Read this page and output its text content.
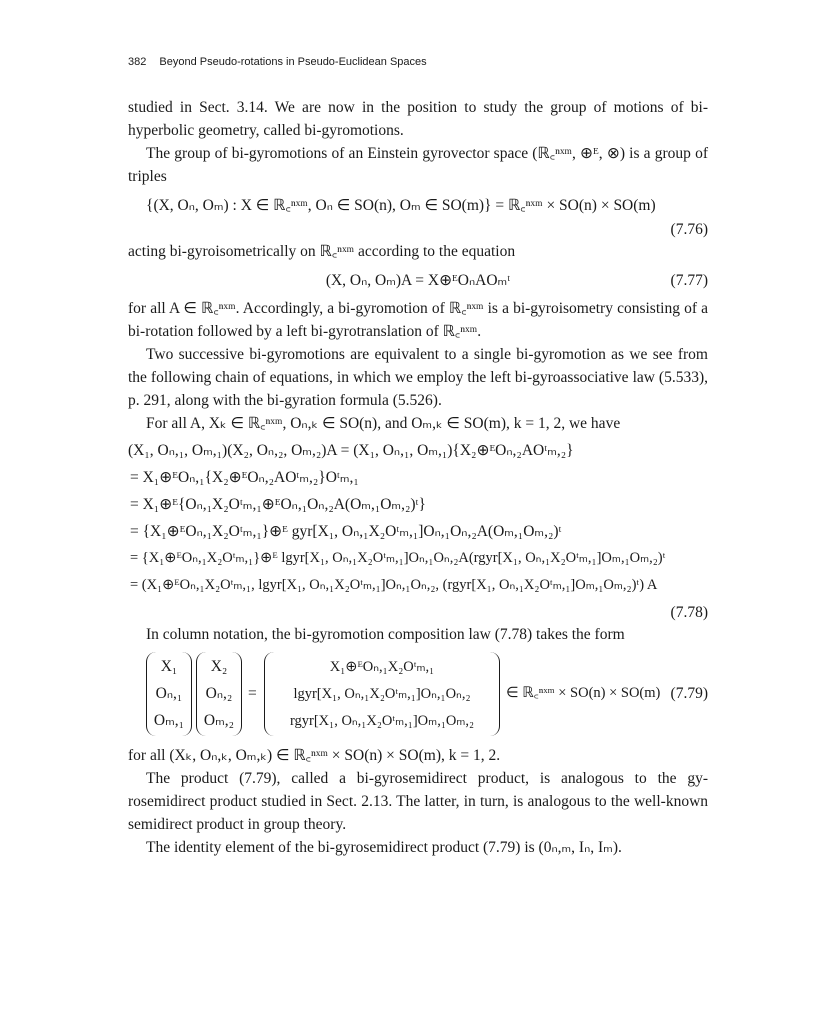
382 Beyond Pseudo-rotations in Pseudo-Euclidean Spaces

studied in Sect. 3.14. We are now in the position to study the group of motions of bi-hyperbolic geometry, called bi-gyromotions.

The group of bi-gyromotions of an Einstein gyrovector space (ℝ꜀ⁿˣᵐ, ⊕ᴱ, ⊗) is a group of triples

{(X, Oₙ, Oₘ) : X ∈ ℝ꜀ⁿˣᵐ, Oₙ ∈ SO(n), Oₘ ∈ SO(m)} = ℝ꜀ⁿˣᵐ × SO(n) × SO(m)
(7.76)

acting bi-gyroisometrically on ℝ꜀ⁿˣᵐ according to the equation

(X, Oₙ, Oₘ)A = X⊕ᴱOₙAOₘᵗ	(7.77)

for all A ∈ ℝ꜀ⁿˣᵐ. Accordingly, a bi-gyromotion of ℝ꜀ⁿˣᵐ is a bi-gyroisometry consisting of a bi-rotation followed by a left bi-gyrotranslation of ℝ꜀ⁿˣᵐ.

Two successive bi-gyromotions are equivalent to a single bi-gyromotion as we see from the following chain of equations, in which we employ the left bi-gyroassociative law (5.533), p. 291, along with the bi-gyration formula (5.526).

For all A, Xₖ ∈ ℝ꜀ⁿˣᵐ, Oₙ,ₖ ∈ SO(n), and Oₘ,ₖ ∈ SO(m), k = 1, 2, we have

(X₁, Oₙ,₁, Oₘ,₁)(X₂, Oₙ,₂, Oₘ,₂)A = (X₁, Oₙ,₁, Oₘ,₁){X₂⊕ᴱOₙ,₂AOᵗₘ,₂}
= X₁⊕ᴱOₙ,₁{X₂⊕ᴱOₙ,₂AOᵗₘ,₂}Oᵗₘ,₁
= X₁⊕ᴱ{Oₙ,₁X₂Oᵗₘ,₁⊕ᴱOₙ,₁Oₙ,₂A(Oₘ,₁Oₘ,₂)ᵗ}
= {X₁⊕ᴱOₙ,₁X₂Oᵗₘ,₁}⊕ᴱ gyr[X₁, Oₙ,₁X₂Oᵗₘ,₁]Oₙ,₁Oₙ,₂A(Oₘ,₁Oₘ,₂)ᵗ
= {X₁⊕ᴱOₙ,₁X₂Oᵗₘ,₁}⊕ᴱ lgyr[X₁, Oₙ,₁X₂Oᵗₘ,₁]Oₙ,₁Oₙ,₂A(rgyr[X₁, Oₙ,₁X₂Oᵗₘ,₁]Oₘ,₁Oₘ,₂)ᵗ
= (X₁⊕ᴱOₙ,₁X₂Oᵗₘ,₁, lgyr[X₁, Oₙ,₁X₂Oᵗₘ,₁]Oₙ,₁Oₙ,₂, (rgyr[X₁, Oₙ,₁X₂Oᵗₘ,₁]Oₘ,₁Oₘ,₂)ᵗ) A
(7.78)

In column notation, the bi-gyromotion composition law (7.78) takes the form

X₁
Oₙ,₁
Oₘ,₁
X₂
Oₙ,₂
Oₘ,₂
=
X₁⊕ᴱOₙ,₁X₂Oᵗₘ,₁
lgyr[X₁, Oₙ,₁X₂Oᵗₘ,₁]Oₙ,₁Oₙ,₂
rgyr[X₁, Oₙ,₁X₂Oᵗₘ,₁]Oₘ,₁Oₘ,₂
∈ ℝ꜀ⁿˣᵐ × SO(n) × SO(m) (7.79)

for all (Xₖ, Oₙ,ₖ, Oₘ,ₖ) ∈ ℝ꜀ⁿˣᵐ × SO(n) × SO(m), k = 1, 2.

The product (7.79), called a bi-gyrosemidirect product, is analogous to the gy- rosemidirect product studied in Sect. 2.13. The latter, in turn, is analogous to the well-known semidirect product in group theory.

The identity element of the bi-gyrosemidirect product (7.79) is (0ₙ,ₘ, Iₙ, Iₘ).
